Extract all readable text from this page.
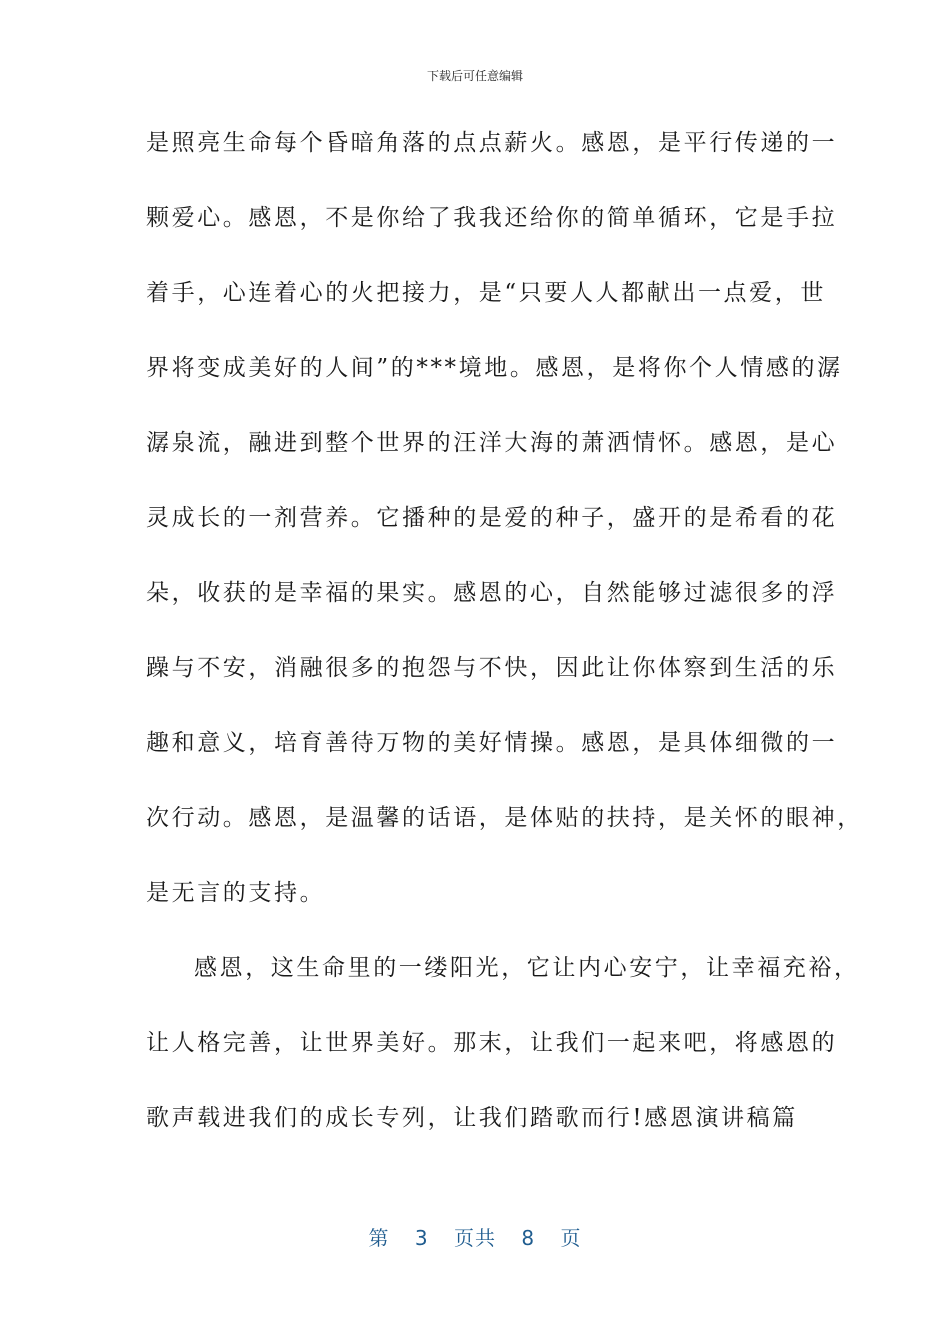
下载后可任意编辑
是照亮生命每个昏暗角落的点点薪火。感恩，是平行传递的一
颗爱心。感恩，不是你给了我我还给你的简单循环，它是手拉
着手，心连着心的火把接力，是“只要人人都献出一点爱，世
界将变成美好的人间”的***境地。感恩，是将你个人情感的潺
潺泉流，融进到整个世界的汪洋大海的萧洒情怀。感恩，是心
灵成长的一剂营养。它播种的是爱的种子，盛开的是希看的花
朵，收获的是幸福的果实。感恩的心，自然能够过滤很多的浮
躁与不安，消融很多的抱怨与不快，因此让你体察到生活的乐
趣和意义，培育善待万物的美好情操。感恩，是具体细微的一
次行动。感恩，是温馨的话语，是体贴的扶持，是关怀的眼神，
是无言的支持。
感恩，这生命里的一缕阳光，它让内心安宁，让幸福充裕，
让人格完善，让世界美好。那末，让我们一起来吧，将感恩的
歌声载进我们的成长专列，让我们踏歌而行!感恩演讲稿篇
第 3 页共 8 页
